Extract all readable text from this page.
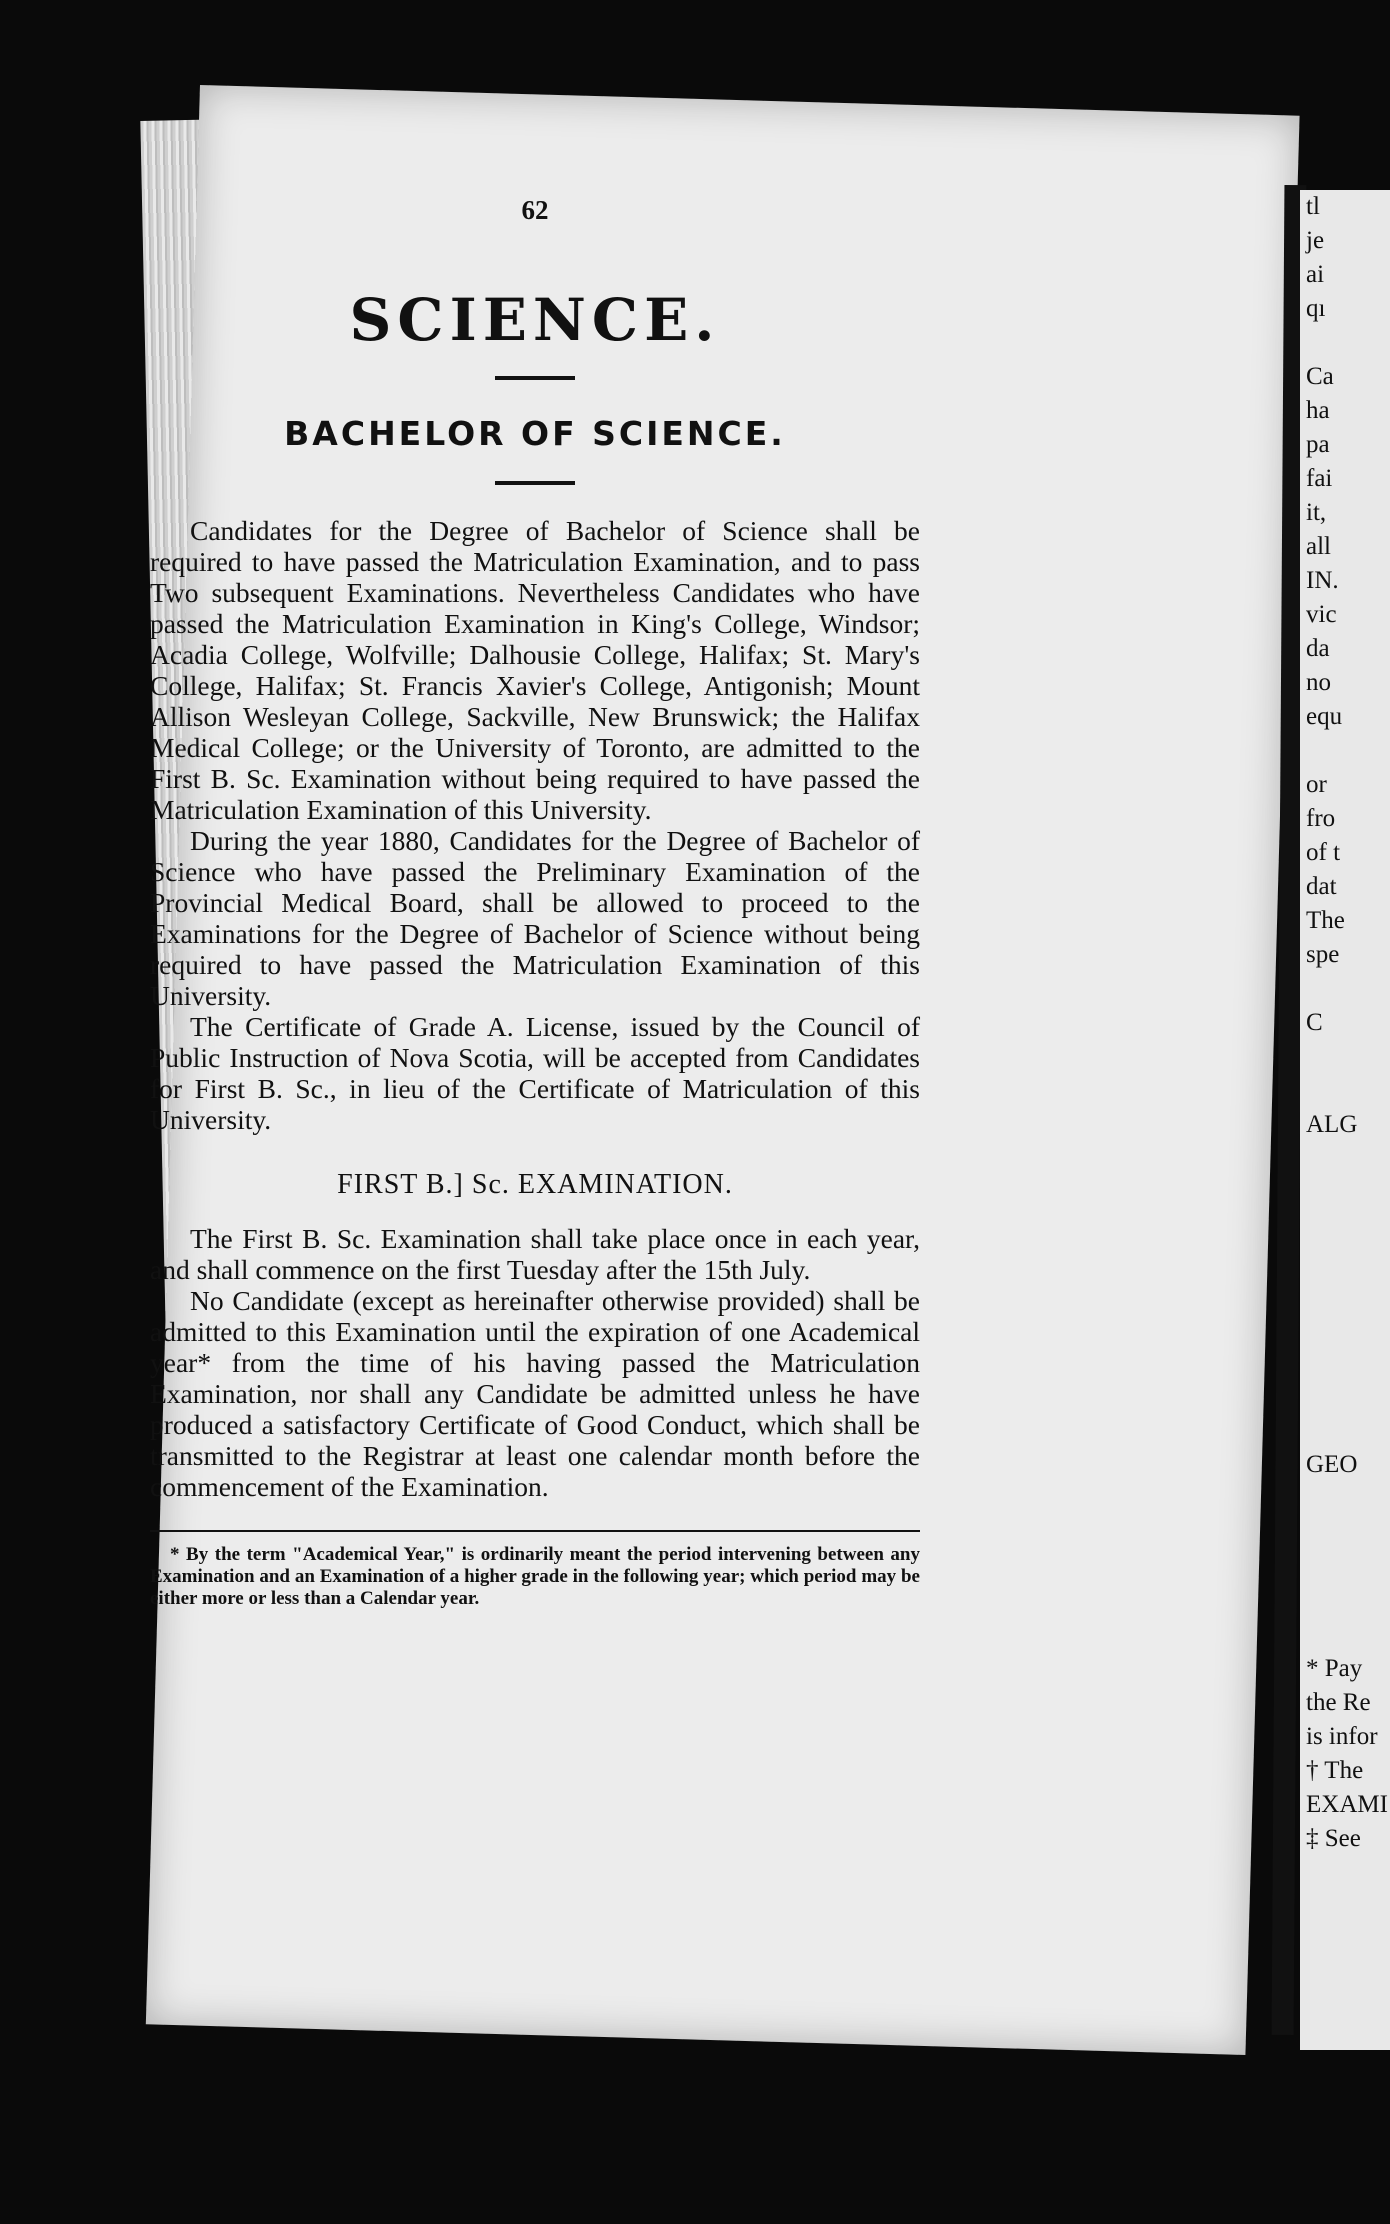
62
SCIENCE.
BACHELOR OF SCIENCE.

Candidates for the Degree of Bachelor of Science shall be required to have passed the Matriculation Examination, and to pass Two subsequent Examinations. Nevertheless Candidates who have passed the Matriculation Examination in King's College, Windsor; Acadia College, Wolfville; Dalhousie College, Halifax; St. Mary's College, Halifax; St. Francis Xavier's College, Antigonish; Mount Allison Wesleyan College, Sackville, New Brunswick; the Halifax Medical College; or the University of Toronto, are admitted to the First B. Sc. Examination without being required to have passed the Matriculation Examination of this University.

During the year 1880, Candidates for the Degree of Bachelor of Science who have passed the Preliminary Examination of the Provincial Medical Board, shall be allowed to proceed to the Examinations for the Degree of Bachelor of Science without being required to have passed the Matriculation Examination of this University.

The Certificate of Grade A. License, issued by the Council of Public Instruction of Nova Scotia, will be accepted from Candidates for First B. Sc., in lieu of the Certificate of Matriculation of this University.

FIRST B.] Sc. EXAMINATION.

The First B. Sc. Examination shall take place once in each year, and shall commence on the first Tuesday after the 15th July.

No Candidate (except as hereinafter otherwise provided) shall be admitted to this Examination until the expiration of one Academical year* from the time of his having passed the Matriculation Examination, nor shall any Candidate be admitted unless he have produced a satisfactory Certificate of Good Conduct, which shall be transmitted to the Registrar at least one calendar month before the commencement of the Examination.

* By the term "Academical Year," is ordinarily meant the period intervening between any Examination and an Examination of a higher grade in the following year; which period may be either more or less than a Calendar year.

tl
je
ai
qı

Ca
ha
pa
fai
it,
all
IN.
vic
da
no
equ

or
fro
of t
dat
The
spe

C

ALG

GEO

* Pay
the Re
is infor
† The
EXAMI
‡ See
